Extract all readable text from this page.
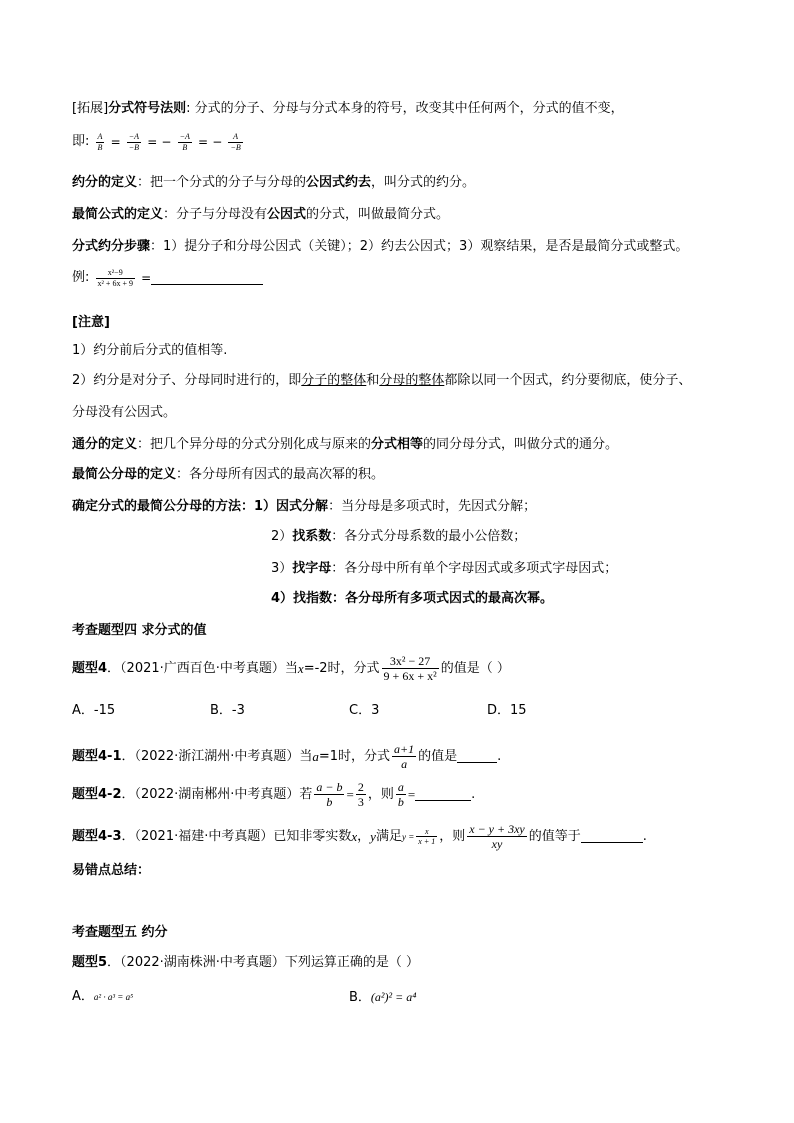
[拓展]分式符号法则: 分式的分子、分母与分式本身的符号，改变其中任何两个，分式的值不变，
即: $\frac{A}{B} = \frac{-A}{-B}$ = − $\frac{-A}{B}$ = − $\frac{A}{-B}$
约分的定义：把一个分式的分子与分母的公因式约去，叫分式的约分。
最简公式的定义：分子与分母没有公因式的分式，叫做最简分式。
分式约分步骤：1）提分子和分母公因式（关键）；2）约去公因式；3）观察结果，是否是最简分式或整式。
例: $\frac{\text{x²−9}}{\text{x² + 6x + 9}}$ =
[注意]
1）约分前后分式的值相等.
2）约分是对分子、分母同时进行的，即分子的整体和分母的整体都除以同一个因式，约分要彻底，使分子、
分母没有公因式。
通分的定义：把几个异分母的分式分别化成与原来的分式相等的同分母分式，叫做分式的通分。
最简公分母的定义：各分母所有因式的最高次幂的积。
确定分式的最简公分母的方法：1）因式分解：当分母是多项式时，先因式分解；
2）找系数：各分式分母系数的最小公倍数；
3）找字母：各分母中所有单个字母因式或多项式字母因式；
4）找指数：各分母所有多项式因式的最高次幂。
考查题型四 求分式的值
题型4．（2021·广西百色·中考真题）当x=-2时，分式 $\frac{\text{3x² − 27}}{\text{9 + 6x + x²}}$ 的值是（ ）
A．-15	B．-3	C．3	D．15
题型4-1．（2022·浙江湖州·中考真题）当a=1时，分式 $\frac{a+1}{a}$ 的值是	.
题型4-2．（2022·湖南郴州·中考真题）若 $\frac{a - b}{b} = \frac{2}{3}$ ，则 $\frac{a}{b}$ =	.
题型4-3．（2021·福建·中考真题）已知非零实数x，y满足$y = \frac{x}{x + 1}$ ，则 $\frac{x - y + 3xy}{xy}$ 的值等于	.
易错点总结：
考查题型五 约分
题型5．（2022·湖南株洲·中考真题）下列运算正确的是（ ）
A．a² · a³ = a⁵	B．(a²)² = a⁴
